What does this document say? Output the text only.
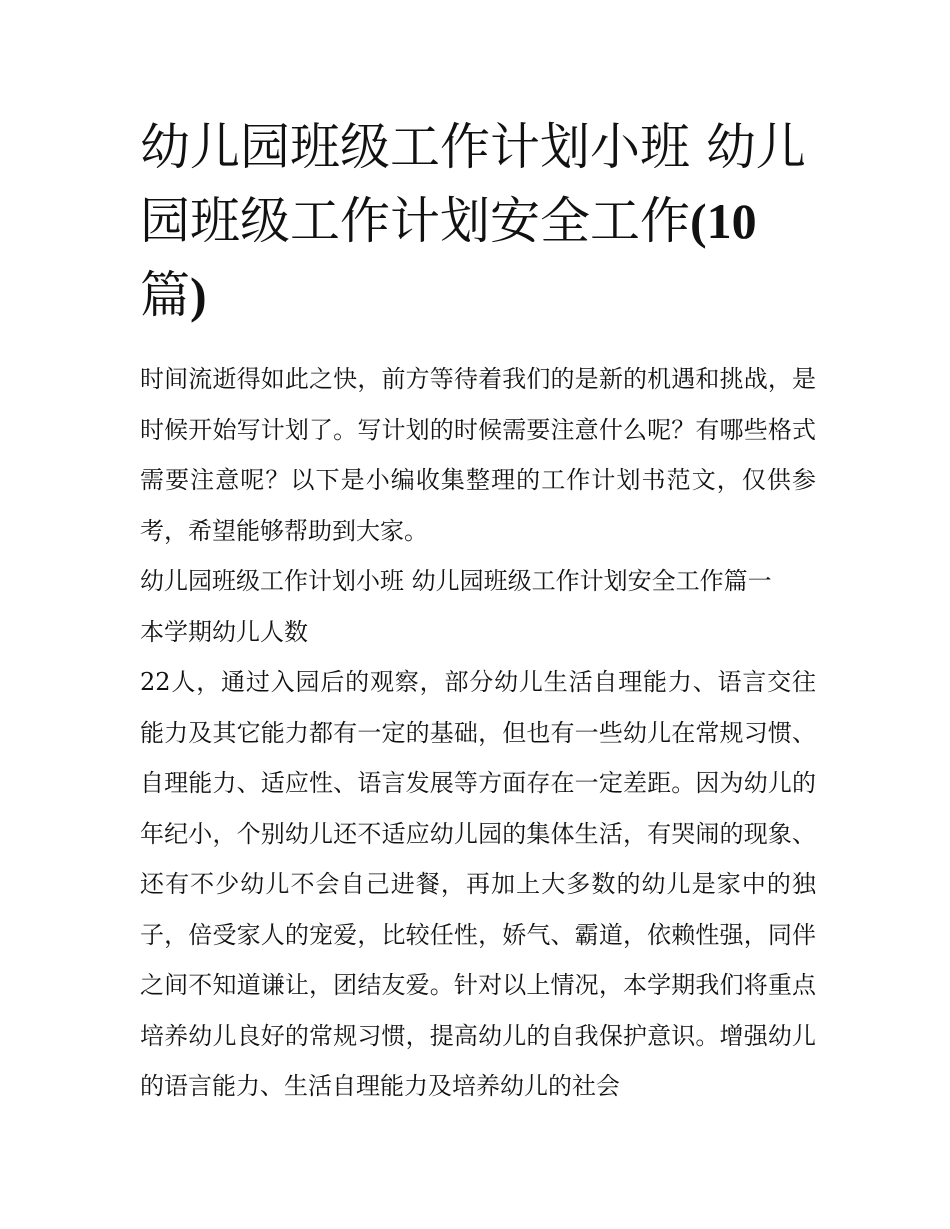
幼儿园班级工作计划小班 幼儿园班级工作计划安全工作(10
篇)

时间流逝得如此之快，前方等待着我们的是新的机遇和挑战，是时候开始写计划了。写计划的时候需要注意什么呢？有哪些格式需要注意呢？以下是小编收集整理的工作计划书范文，仅供参考，希望能够帮助到大家。

幼儿园班级工作计划小班 幼儿园班级工作计划安全工作篇一

本学期幼儿人数

22人，通过入园后的观察，部分幼儿生活自理能力、语言交往能力及其它能力都有一定的基础，但也有一些幼儿在常规习惯、自理能力、适应性、语言发展等方面存在一定差距。因为幼儿的年纪小，个别幼儿还不适应幼儿园的集体生活，有哭闹的现象、还有不少幼儿不会自己进餐，再加上大多数的幼儿是家中的独子，倍受家人的宠爱，比较任性，娇气、霸道，依赖性强，同伴之间不知道谦让，团结友爱。针对以上情况，本学期我们将重点培养幼儿良好的常规习惯，提高幼儿的自我保护意识。增强幼儿的语言能力、生活自理能力及培养幼儿的社会
